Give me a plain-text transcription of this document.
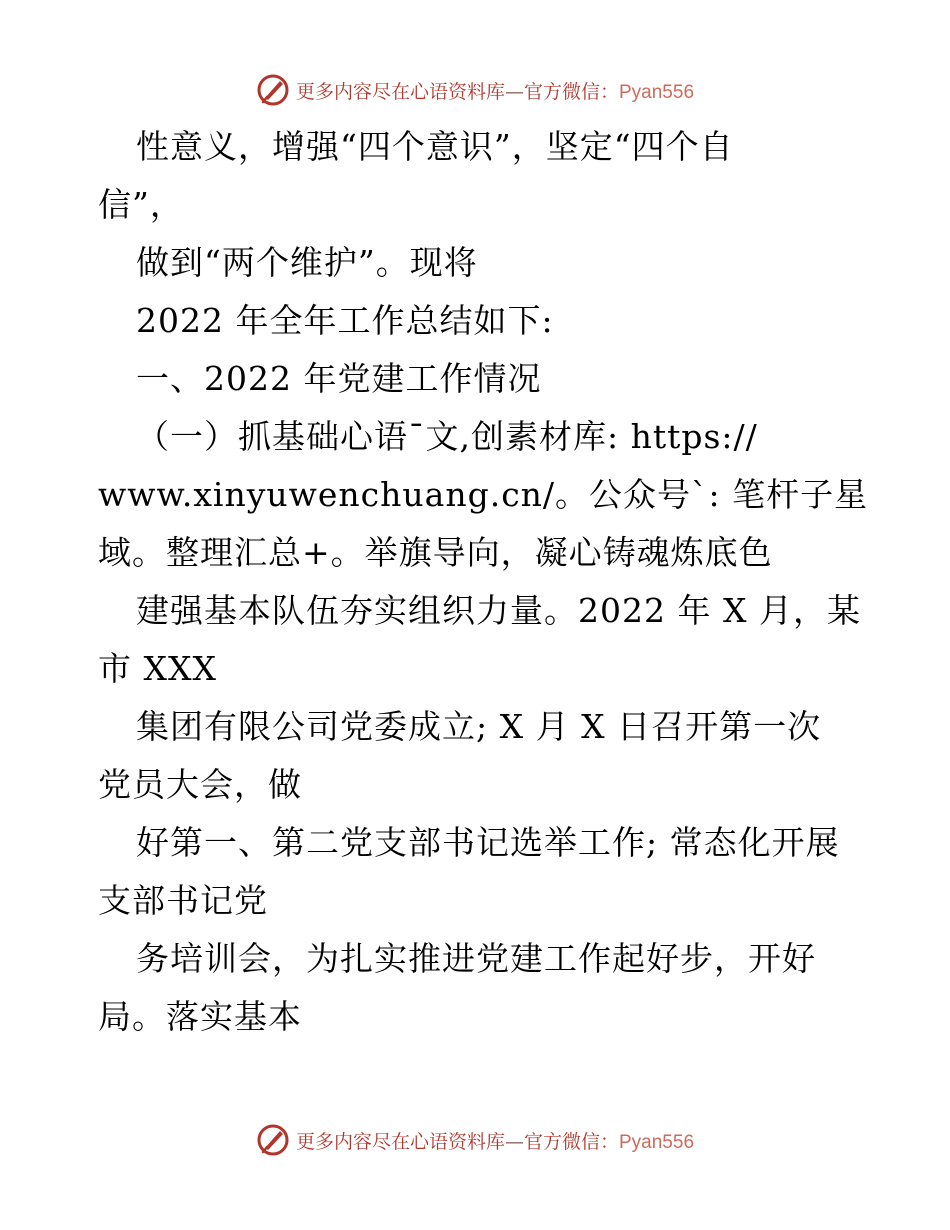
更多内容尽在心语资料库—官方微信：Pyan556
性意义，增强“四个意识”，坚定“四个自
信”，
做到“两个维护”。现将
2022 年全年工作总结如下:
一、2022 年党建工作情况
（一）抓基础心语¯文,创素材库: https://
www.xinyuwenchuang.cn/。公众号`: 笔杆子星
域。整理汇总+。举旗导向，凝心铸魂炼底色
建强基本队伍夯实组织力量。2022 年 X 月，某
市 XXX
集团有限公司党委成立; X 月 X 日召开第一次
党员大会，做
好第一、第二党支部书记选举工作; 常态化开展
支部书记党
务培训会，为扎实推进党建工作起好步，开好
局。落实基本
更多内容尽在心语资料库—官方微信：Pyan556
